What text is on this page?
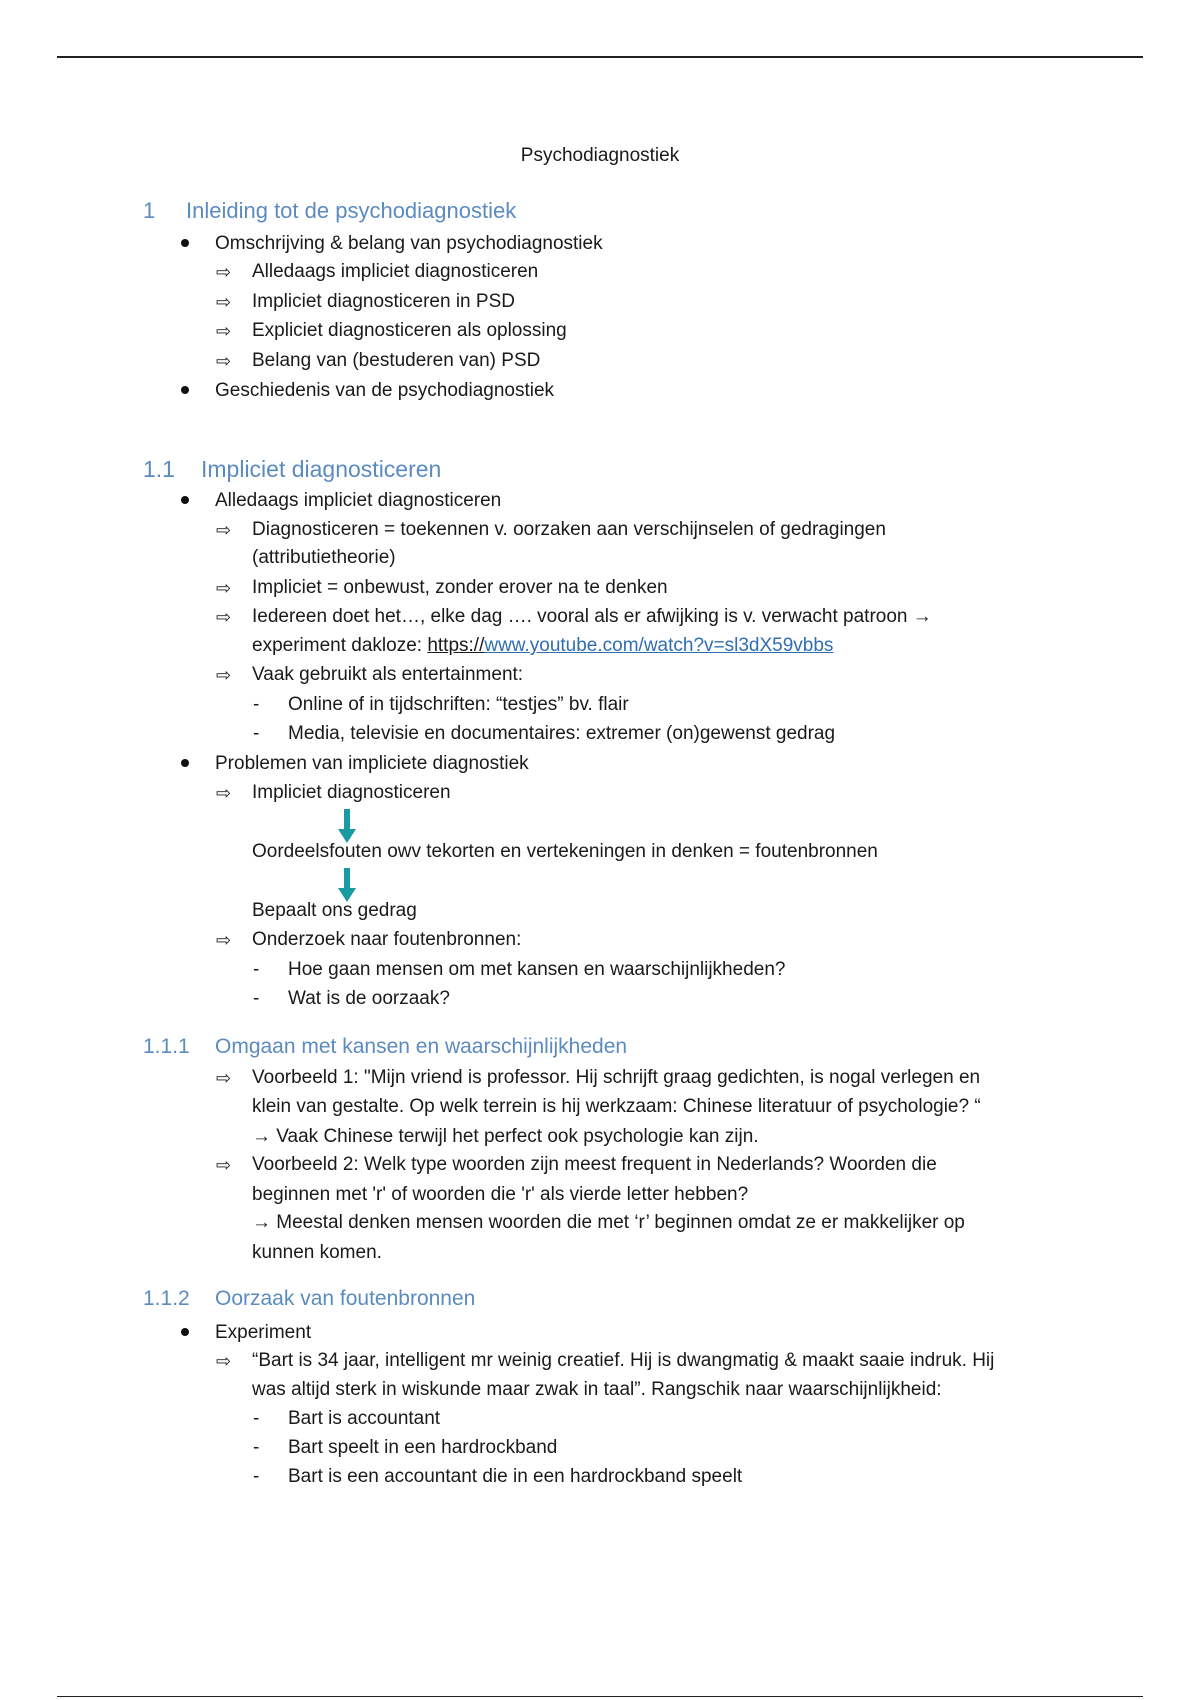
Psychodiagnostiek
1 Inleiding tot de psychodiagnostiek
Omschrijving & belang van psychodiagnostiek
⇨ Alledaags impliciet diagnosticeren
⇨ Impliciet diagnosticeren in PSD
⇨ Expliciet diagnosticeren als oplossing
⇨ Belang van (bestuderen van) PSD
Geschiedenis van de psychodiagnostiek
1.1 Impliciet diagnosticeren
Alledaags impliciet diagnosticeren
⇨ Diagnosticeren = toekennen v. oorzaken aan verschijnselen of gedragingen
(attributietheorie)
⇨ Impliciet = onbewust, zonder erover na te denken
⇨ Iedereen doet het…, elke dag …. vooral als er afwijking is v. verwacht patroon →
experiment dakloze: https://www.youtube.com/watch?v=sl3dX59vbbs
⇨ Vaak gebruikt als entertainment:
- Online of in tijdschriften: “testjes” bv. flair
- Media, televisie en documentaires: extremer (on)gewenst gedrag
Problemen van impliciete diagnostiek
⇨ Impliciet diagnosticeren
Oordeelsfouten owv tekorten en vertekeningen in denken = foutenbronnen
Bepaalt ons gedrag
⇨ Onderzoek naar foutenbronnen:
- Hoe gaan mensen om met kansen en waarschijnlijkheden?
- Wat is de oorzaak?
1.1.1 Omgaan met kansen en waarschijnlijkheden
⇨ Voorbeeld 1: "Mijn vriend is professor. Hij schrijft graag gedichten, is nogal verlegen en
klein van gestalte. Op welk terrein is hij werkzaam: Chinese literatuur of psychologie? “
→ Vaak Chinese terwijl het perfect ook psychologie kan zijn.
⇨ Voorbeeld 2: Welk type woorden zijn meest frequent in Nederlands? Woorden die
beginnen met 'r' of woorden die 'r' als vierde letter hebben?
→ Meestal denken mensen woorden die met ‘r’ beginnen omdat ze er makkelijker op
kunnen komen.
1.1.2 Oorzaak van foutenbronnen
Experiment
⇨ “Bart is 34 jaar, intelligent mr weinig creatief. Hij is dwangmatig & maakt saaie indruk. Hij
was altijd sterk in wiskunde maar zwak in taal”. Rangschik naar waarschijnlijkheid:
- Bart is accountant
- Bart speelt in een hardrockband
- Bart is een accountant die in een hardrockband speelt
